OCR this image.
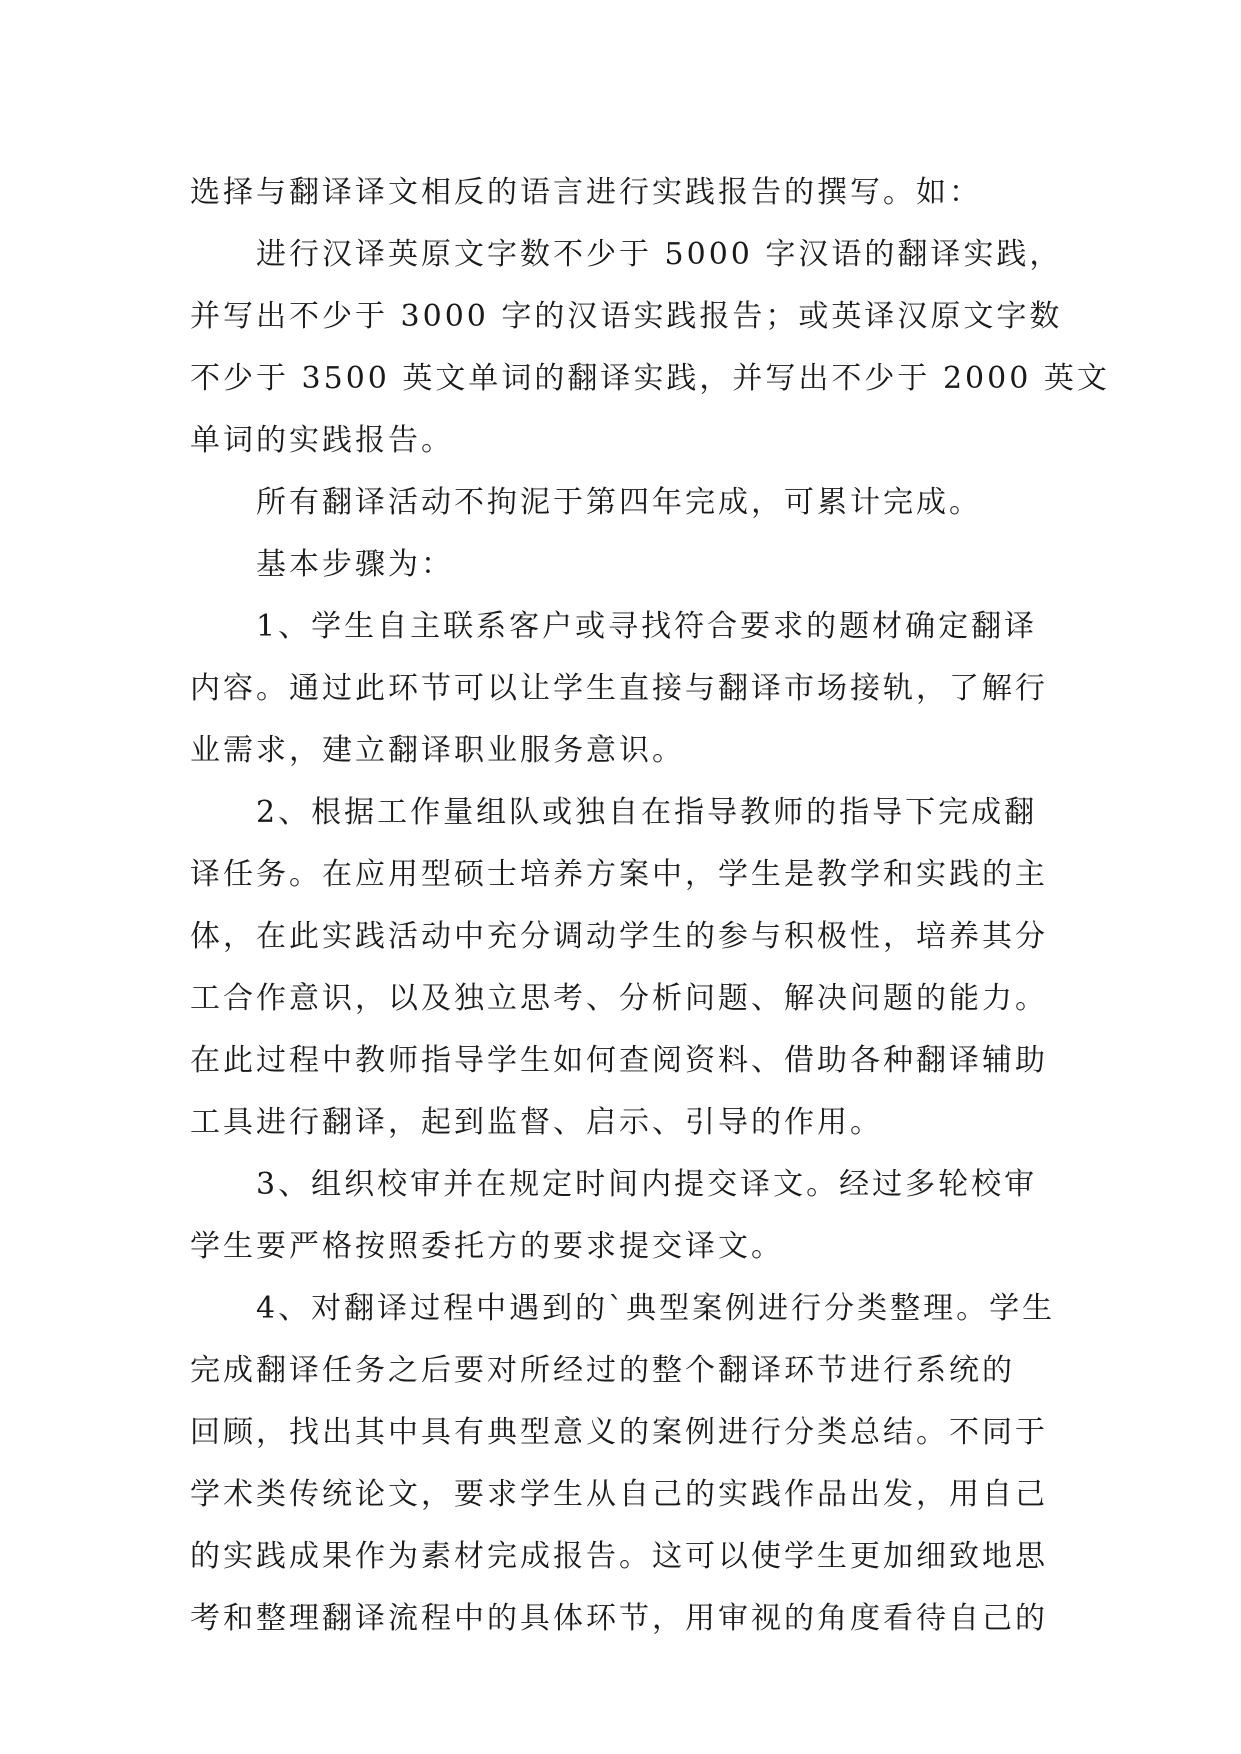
选择与翻译译文相反的语言进行实践报告的撰写。如：
进行汉译英原文字数不少于 5000 字汉语的翻译实践，
并写出不少于 3000 字的汉语实践报告；或英译汉原文字数
不少于 3500 英文单词的翻译实践，并写出不少于 2000 英文
单词的实践报告。
所有翻译活动不拘泥于第四年完成，可累计完成。
基本步骤为：
1、学生自主联系客户或寻找符合要求的题材确定翻译
内容。通过此环节可以让学生直接与翻译市场接轨，了解行
业需求，建立翻译职业服务意识。
2、根据工作量组队或独自在指导教师的指导下完成翻
译任务。在应用型硕士培养方案中，学生是教学和实践的主
体，在此实践活动中充分调动学生的参与积极性，培养其分
工合作意识，以及独立思考、分析问题、解决问题的能力。
在此过程中教师指导学生如何查阅资料、借助各种翻译辅助
工具进行翻译，起到监督、启示、引导的作用。
3、组织校审并在规定时间内提交译文。经过多轮校审
学生要严格按照委托方的要求提交译文。
4、对翻译过程中遇到的`典型案例进行分类整理。学生
完成翻译任务之后要对所经过的整个翻译环节进行系统的
回顾，找出其中具有典型意义的案例进行分类总结。不同于
学术类传统论文，要求学生从自己的实践作品出发，用自己
的实践成果作为素材完成报告。这可以使学生更加细致地思
考和整理翻译流程中的具体环节，用审视的角度看待自己的
